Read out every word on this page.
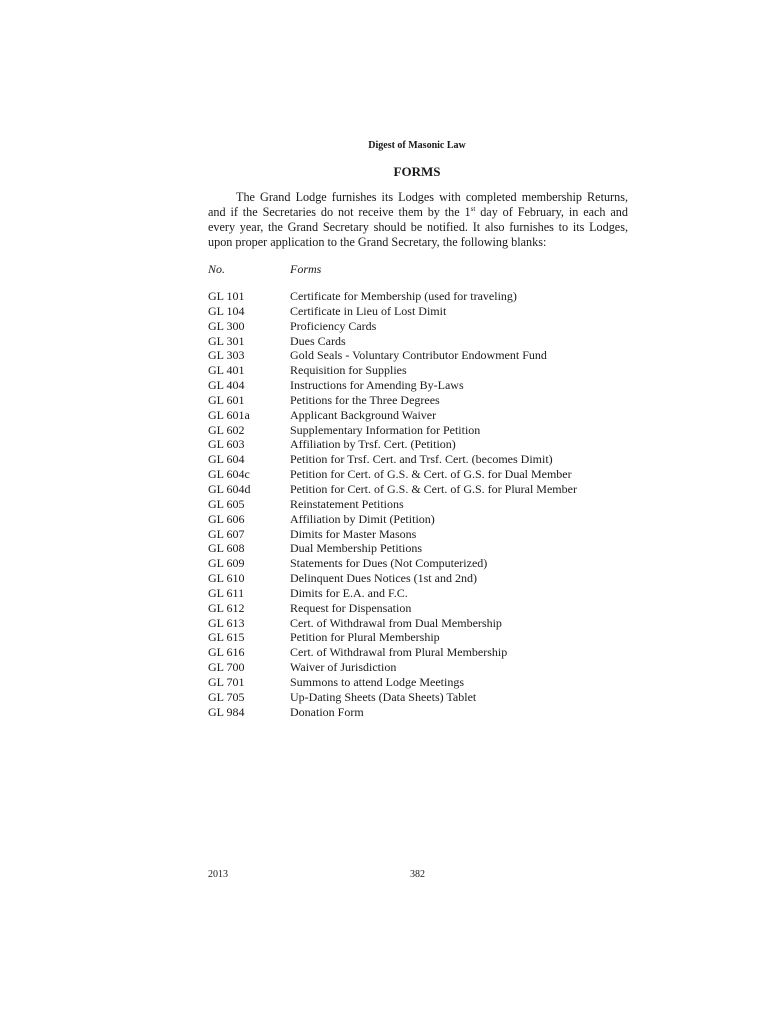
Digest of Masonic Law
FORMS

The Grand Lodge furnishes its Lodges with completed membership Returns,
and if the Secretaries do not receive them by the 1st day of February, in each and
every year, the Grand Secretary should be notified. It also furnishes to its Lodges,
upon proper application to the Grand Secretary, the following blanks:

No.	Forms
GL 101	Certificate for Membership (used for traveling)
GL 104	Certificate in Lieu of Lost Dimit
GL 300	Proficiency Cards
GL 301	Dues Cards
GL 303	Gold Seals - Voluntary Contributor Endowment Fund
GL 401	Requisition for Supplies
GL 404	Instructions for Amending By-Laws
GL 601	Petitions for the Three Degrees
GL 601a	Applicant Background Waiver
GL 602	Supplementary Information for Petition
GL 603	Affiliation by Trsf. Cert. (Petition)
GL 604	Petition for Trsf. Cert. and Trsf. Cert. (becomes Dimit)
GL 604c	Petition for Cert. of G.S. & Cert. of G.S. for Dual Member
GL 604d	Petition for Cert. of G.S. & Cert. of G.S. for Plural Member
GL 605	Reinstatement Petitions
GL 606	Affiliation by Dimit (Petition)
GL 607	Dimits for Master Masons
GL 608	Dual Membership Petitions
GL 609	Statements for Dues (Not Computerized)
GL 610	Delinquent Dues Notices (1st and 2nd)
GL 611	Dimits for E.A. and F.C.
GL 612	Request for Dispensation
GL 613	Cert. of Withdrawal from Dual Membership
GL 615	Petition for Plural Membership
GL 616	Cert. of Withdrawal from Plural Membership
GL 700	Waiver of Jurisdiction
GL 701	Summons to attend Lodge Meetings
GL 705	Up-Dating Sheets (Data Sheets) Tablet
GL 984	Donation Form
2013	382
